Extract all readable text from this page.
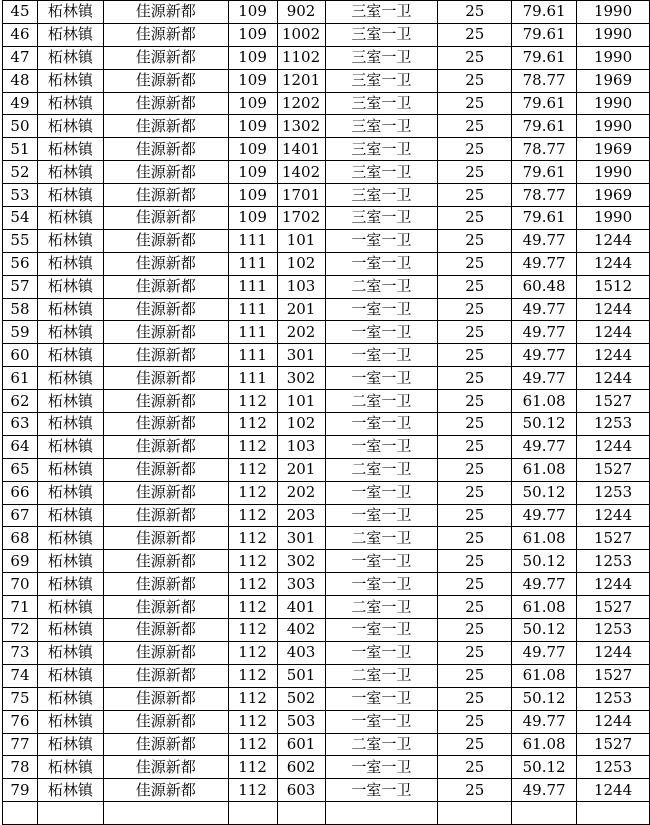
45	柘林镇	佳源新都	109	902	三室一卫	25	79.61	1990
46	柘林镇	佳源新都	109	1002	三室一卫	25	79.61	1990
47	柘林镇	佳源新都	109	1102	三室一卫	25	79.61	1990
48	柘林镇	佳源新都	109	1201	三室一卫	25	78.77	1969
49	柘林镇	佳源新都	109	1202	三室一卫	25	79.61	1990
50	柘林镇	佳源新都	109	1302	三室一卫	25	79.61	1990
51	柘林镇	佳源新都	109	1401	三室一卫	25	78.77	1969
52	柘林镇	佳源新都	109	1402	三室一卫	25	79.61	1990
53	柘林镇	佳源新都	109	1701	三室一卫	25	78.77	1969
54	柘林镇	佳源新都	109	1702	三室一卫	25	79.61	1990
55	柘林镇	佳源新都	111	101	一室一卫	25	49.77	1244
56	柘林镇	佳源新都	111	102	一室一卫	25	49.77	1244
57	柘林镇	佳源新都	111	103	二室一卫	25	60.48	1512
58	柘林镇	佳源新都	111	201	一室一卫	25	49.77	1244
59	柘林镇	佳源新都	111	202	一室一卫	25	49.77	1244
60	柘林镇	佳源新都	111	301	一室一卫	25	49.77	1244
61	柘林镇	佳源新都	111	302	一室一卫	25	49.77	1244
62	柘林镇	佳源新都	112	101	二室一卫	25	61.08	1527
63	柘林镇	佳源新都	112	102	一室一卫	25	50.12	1253
64	柘林镇	佳源新都	112	103	一室一卫	25	49.77	1244
65	柘林镇	佳源新都	112	201	二室一卫	25	61.08	1527
66	柘林镇	佳源新都	112	202	一室一卫	25	50.12	1253
67	柘林镇	佳源新都	112	203	一室一卫	25	49.77	1244
68	柘林镇	佳源新都	112	301	二室一卫	25	61.08	1527
69	柘林镇	佳源新都	112	302	一室一卫	25	50.12	1253
70	柘林镇	佳源新都	112	303	一室一卫	25	49.77	1244
71	柘林镇	佳源新都	112	401	二室一卫	25	61.08	1527
72	柘林镇	佳源新都	112	402	一室一卫	25	50.12	1253
73	柘林镇	佳源新都	112	403	一室一卫	25	49.77	1244
74	柘林镇	佳源新都	112	501	二室一卫	25	61.08	1527
75	柘林镇	佳源新都	112	502	一室一卫	25	50.12	1253
76	柘林镇	佳源新都	112	503	一室一卫	25	49.77	1244
77	柘林镇	佳源新都	112	601	二室一卫	25	61.08	1527
78	柘林镇	佳源新都	112	602	一室一卫	25	50.12	1253
79	柘林镇	佳源新都	112	603	一室一卫	25	49.77	1244
